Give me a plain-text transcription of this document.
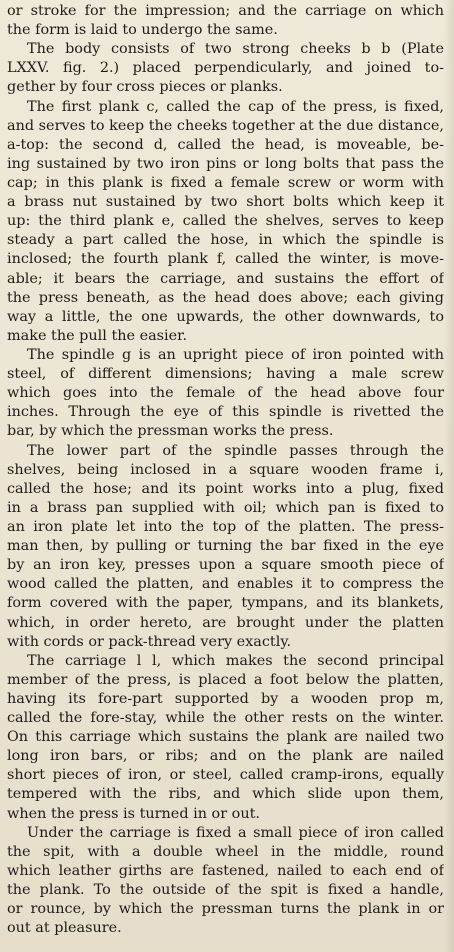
or stroke for the impression; and the carriage on which
the form is laid to undergo the same.
The body consists of two strong cheeks b b (Plate
LXXV. fig. 2.) placed perpendicularly, and joined to-
gether by four cross pieces or planks.
The first plank c, called the cap of the press, is fixed,
and serves to keep the cheeks together at the due distance,
a-top: the second d, called the head, is moveable, be-
ing sustained by two iron pins or long bolts that pass the
cap; in this plank is fixed a female screw or worm with
a brass nut sustained by two short bolts which keep it
up: the third plank e, called the shelves, serves to keep
steady a part called the hose, in which the spindle is
inclosed; the fourth plank f, called the winter, is move-
able; it bears the carriage, and sustains the effort of
the press beneath, as the head does above; each giving
way a little, the one upwards, the other downwards, to
make the pull the easier.
The spindle g is an upright piece of iron pointed with
steel, of different dimensions; having a male screw
which goes into the female of the head above four
inches. Through the eye of this spindle is rivetted the
bar, by which the pressman works the press.
The lower part of the spindle passes through the
shelves, being inclosed in a square wooden frame i,
called the hose; and its point works into a plug, fixed
in a brass pan supplied with oil; which pan is fixed to
an iron plate let into the top of the platten. The press-
man then, by pulling or turning the bar fixed in the eye
by an iron key, presses upon a square smooth piece of
wood called the platten, and enables it to compress the
form covered with the paper, tympans, and its blankets,
which, in order hereto, are brought under the platten
with cords or pack-thread very exactly.
The carriage l l, which makes the second principal
member of the press, is placed a foot below the platten,
having its fore-part supported by a wooden prop m,
called the fore-stay, while the other rests on the winter.
On this carriage which sustains the plank are nailed two
long iron bars, or ribs; and on the plank are nailed
short pieces of iron, or steel, called cramp-irons, equally
tempered with the ribs, and which slide upon them,
when the press is turned in or out.
Under the carriage is fixed a small piece of iron called
the spit, with a double wheel in the middle, round
which leather girths are fastened, nailed to each end of
the plank. To the outside of the spit is fixed a handle,
or rounce, by which the pressman turns the plank in or
out at pleasure.
